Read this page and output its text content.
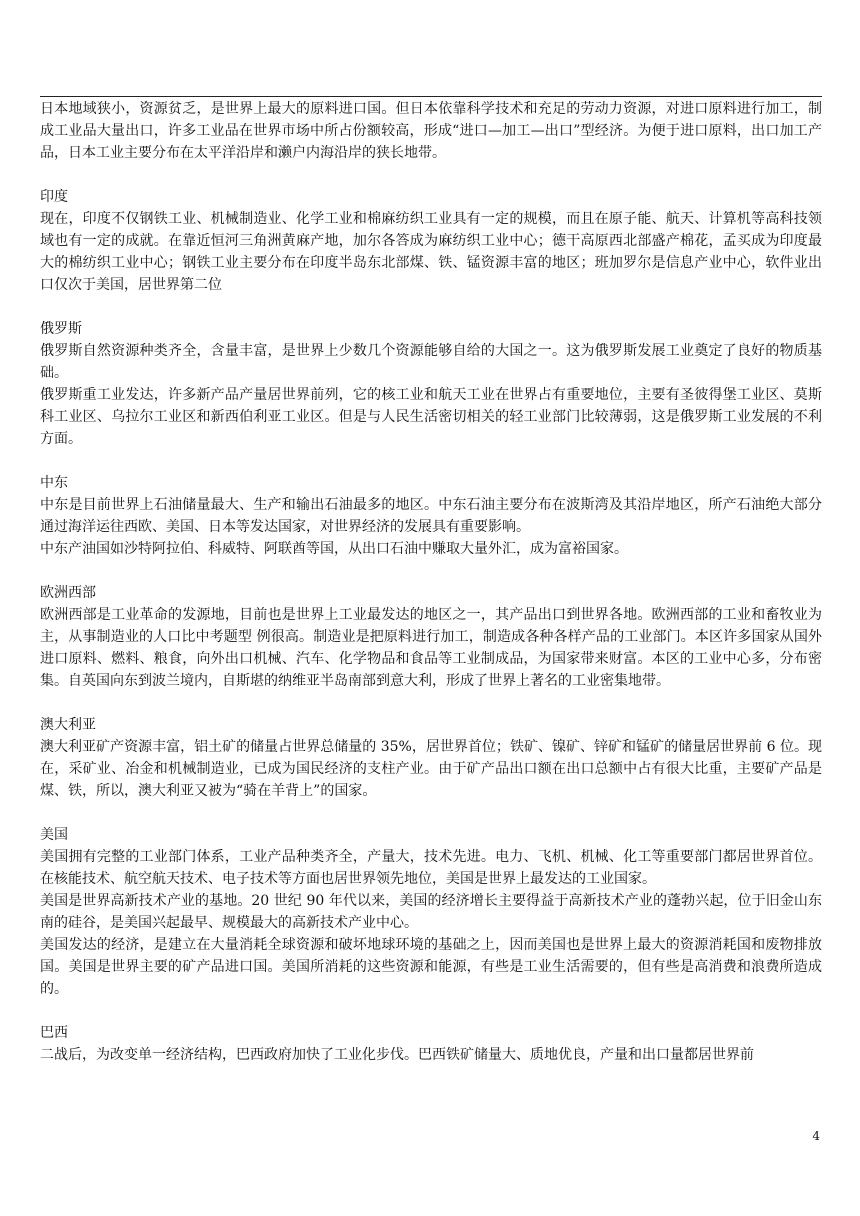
日本地域狭小，资源贫乏，是世界上最大的原料进口国。但日本依靠科学技术和充足的劳动力资源，对进口原料进行加工，制成工业品大量出口，许多工业品在世界市场中所占份额较高，形成“进口—加工—出口”型经济。为便于进口原料，出口加工产品，日本工业主要分布在太平洋沿岸和濑户内海沿岸的狭长地带。

印度

现在，印度不仅钢铁工业、机械制造业、化学工业和棉麻纺织工业具有一定的规模，而且在原子能、航天、计算机等高科技领域也有一定的成就。在靠近恒河三角洲黄麻产地，加尔各答成为麻纺织工业中心；德干高原西北部盛产棉花，孟买成为印度最大的棉纺织工业中心；钢铁工业主要分布在印度半岛东北部煤、铁、锰资源丰富的地区；班加罗尔是信息产业中心，软件业出口仅次于美国，居世界第二位

俄罗斯

俄罗斯自然资源种类齐全，含量丰富，是世界上少数几个资源能够自给的大国之一。这为俄罗斯发展工业奠定了良好的物质基础。

俄罗斯重工业发达，许多新产品产量居世界前列，它的核工业和航天工业在世界占有重要地位，主要有圣彼得堡工业区、莫斯科工业区、乌拉尔工业区和新西伯利亚工业区。但是与人民生活密切相关的轻工业部门比较薄弱，这是俄罗斯工业发展的不利方面。

中东

中东是目前世界上石油储量最大、生产和输出石油最多的地区。中东石油主要分布在波斯湾及其沿岸地区，所产石油绝大部分通过海洋运往西欧、美国、日本等发达国家，对世界经济的发展具有重要影响。

中东产油国如沙特阿拉伯、科威特、阿联酋等国，从出口石油中赚取大量外汇，成为富裕国家。

欧洲西部

欧洲西部是工业革命的发源地，目前也是世界上工业最发达的地区之一，其产品出口到世界各地。欧洲西部的工业和畜牧业为主，从事制造业的人口比中考题型 例很高。制造业是把原料进行加工，制造成各种各样产品的工业部门。本区许多国家从国外进口原料、燃料、粮食，向外出口机械、汽车、化学物品和食品等工业制成品，为国家带来财富。本区的工业中心多，分布密集。自英国向东到波兰境内，自斯堪的纳维亚半岛南部到意大利，形成了世界上著名的工业密集地带。

澳大利亚

澳大利亚矿产资源丰富，铝土矿的储量占世界总储量的 35%，居世界首位；铁矿、镍矿、锌矿和锰矿的储量居世界前 6 位。现在，采矿业、冶金和机械制造业，已成为国民经济的支柱产业。由于矿产品出口额在出口总额中占有很大比重，主要矿产品是煤、铁，所以，澳大利亚又被为“骑在羊背上”的国家。

美国

美国拥有完整的工业部门体系，工业产品种类齐全，产量大，技术先进。电力、飞机、机械、化工等重要部门都居世界首位。在核能技术、航空航天技术、电子技术等方面也居世界领先地位，美国是世界上最发达的工业国家。

美国是世界高新技术产业的基地。20 世纪 90 年代以来，美国的经济增长主要得益于高新技术产业的蓬勃兴起，位于旧金山东南的硅谷，是美国兴起最早、规模最大的高新技术产业中心。

美国发达的经济，是建立在大量消耗全球资源和破坏地球环境的基础之上，因而美国也是世界上最大的资源消耗国和废物排放国。美国是世界主要的矿产品进口国。美国所消耗的这些资源和能源，有些是工业生活需要的，但有些是高消费和浪费所造成的。

巴西

二战后，为改变单一经济结构，巴西政府加快了工业化步伐。巴西铁矿储量大、质地优良，产量和出口量都居世界前

4
